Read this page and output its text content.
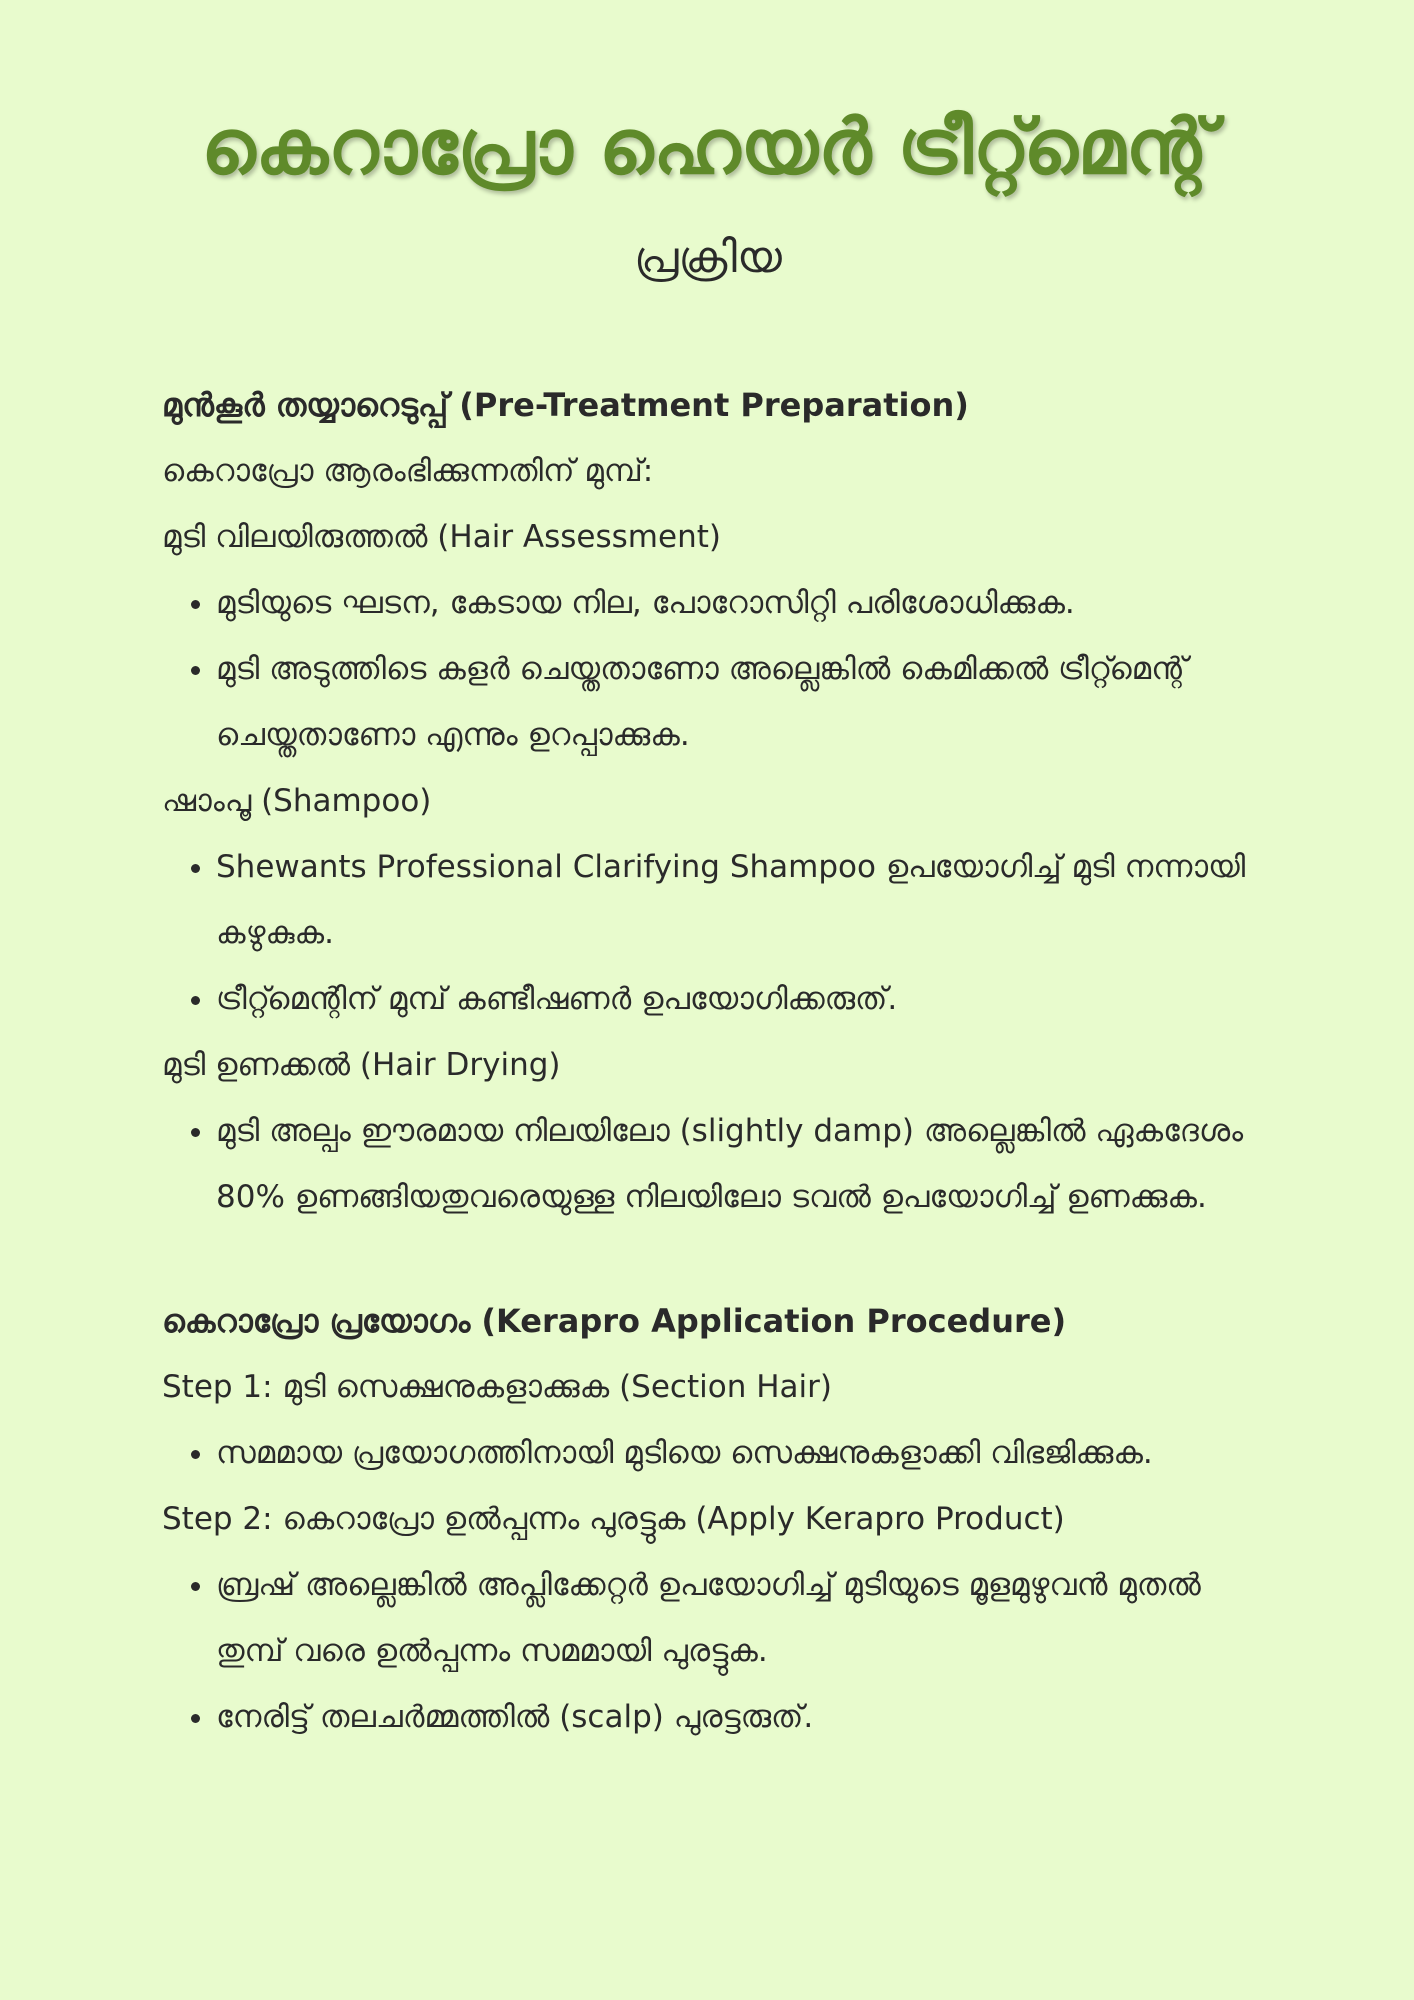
കെറാപ്രോ ഹെയർ ട്രീറ്റ്മെന്റ്
പ്രക്രിയ
മുൻകൂർ തയ്യാറെടുപ്പ് (Pre-Treatment Preparation)

കെറാപ്രോ ആരംഭിക്കുന്നതിന് മുമ്പ്:

മുടി വിലയിരുത്തൽ (Hair Assessment)

• മുടിയുടെ ഘടന, കേടായ നില, പോറോസിറ്റി പരിശോധിക്കുക.
• മുടി അടുത്തിടെ കളർ ചെയ്തതാണോ അല്ലെങ്കിൽ കെമിക്കൽ ട്രീറ്റ്മെന്റ് ചെയ്തതാണോ എന്നും ഉറപ്പാക്കുക.

ഷാംപൂ (Shampoo)

• Shewants Professional Clarifying Shampoo ഉപയോഗിച്ച് മുടി നന്നായി കഴുകുക.
• ട്രീറ്റ്മെന്റിന് മുമ്പ് കണ്ടീഷണർ ഉപയോഗിക്കരുത്.

മുടി ഉണക്കൽ (Hair Drying)

• മുടി അല്പം ഈരമായ നിലയിലോ (slightly damp) അല്ലെങ്കിൽ ഏകദേശം 80% ഉണങ്ങിയതുവരെയുള്ള നിലയിലോ ടവൽ ഉപയോഗിച്ച് ഉണക്കുക.
കെറാപ്രോ പ്രയോഗം (Kerapro Application Procedure)

Step 1: മുടി സെക്ഷനുകളാക്കുക (Section Hair)

• സമമായ പ്രയോഗത്തിനായി മുടിയെ സെക്ഷനുകളാക്കി വിഭജിക്കുക.

Step 2: കെറാപ്രോ ഉൽപ്പന്നം പുരട്ടുക (Apply Kerapro Product)

• ബ്രഷ് അല്ലെങ്കിൽ അപ്ലിക്കേറ്റർ ഉപയോഗിച്ച് മുടിയുടെ മൂളമുഴുവൻ മുതൽ തുമ്പ് വരെ ഉൽപ്പന്നം സമമായി പുരട്ടുക.
• നേരിട്ട് തലചർമ്മത്തിൽ (scalp) പുരട്ടരുത്.
